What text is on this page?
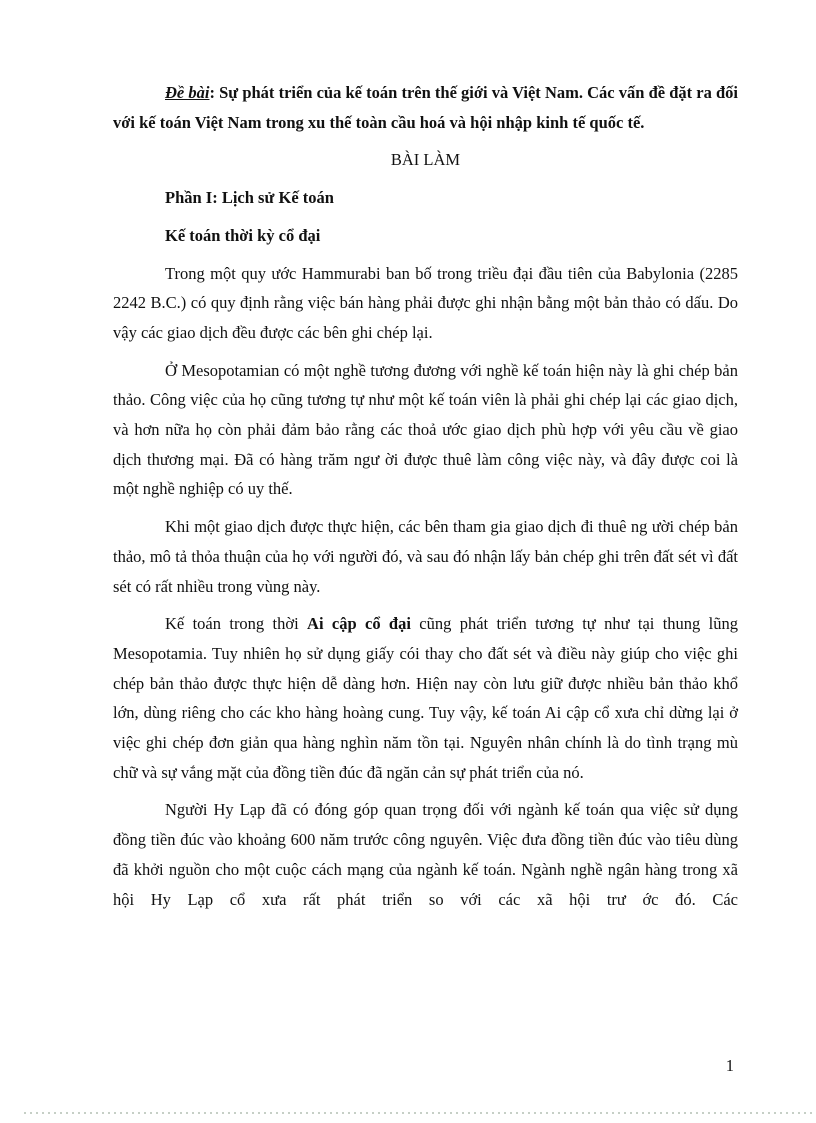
Đề bài: Sự phát triển của kế toán trên thế giới và Việt Nam. Các vấn đề đặt ra đối với kế toán Việt Nam trong xu thế toàn cầu hoá và hội nhập kinh tế quốc tế.

BÀI LÀM

Phần I: Lịch sử Kế toán

Kế toán thời kỳ cổ đại

Trong một quy ước Hammurabi ban bố trong triều đại đầu tiên của Babylonia (2285 2242 B.C.) có quy định rằng việc bán hàng phải được ghi nhận bằng một bản thảo có dấu. Do vậy các giao dịch đều được các bên ghi chép lại.

Ở Mesopotamian có một nghề tương đương với nghề kế toán hiện này là ghi chép bản thảo. Công việc của họ cũng tương tự như một kế toán viên là phải ghi chép lại các giao dịch, và hơn nữa họ còn phải đảm bảo rằng các thoả ước giao dịch phù hợp với yêu cầu về giao dịch thương mại. Đã có hàng trăm ngư ời được thuê làm công việc này, và đây được coi là một nghề nghiệp có uy thế.

Khi một giao dịch được thực hiện, các bên tham gia giao dịch đi thuê ng ười chép bản thảo, mô tả thỏa thuận của họ với người đó, và sau đó nhận lấy bản chép ghi trên đất sét vì đất sét có rất nhiều trong vùng này.

Kế toán trong thời Ai cập cổ đại cũng phát triển tương tự như tại thung lũng Mesopotamia. Tuy nhiên họ sử dụng giấy cói thay cho đất sét và điều này giúp cho việc ghi chép bản thảo được thực hiện dễ dàng hơn. Hiện nay còn lưu giữ được nhiều bản thảo khổ lớn, dùng riêng cho các kho hàng hoàng cung. Tuy vậy, kế toán Ai cập cổ xưa chỉ dừng lại ở việc ghi chép đơn giản qua hàng nghìn năm tồn tại. Nguyên nhân chính là do tình trạng mù chữ và sự vắng mặt của đồng tiền đúc đã ngăn cản sự phát triển của nó.

Người Hy Lạp đã có đóng góp quan trọng đối với ngành kế toán qua việc sử dụng đồng tiền đúc vào khoảng 600 năm trước công nguyên. Việc đưa đồng tiền đúc vào tiêu dùng đã khởi nguồn cho một cuộc cách mạng của ngành kế toán. Ngành nghề ngân hàng trong xã hội Hy Lạp cổ xưa rất phát triển so với các xã hội trư ớc đó. Các

1
